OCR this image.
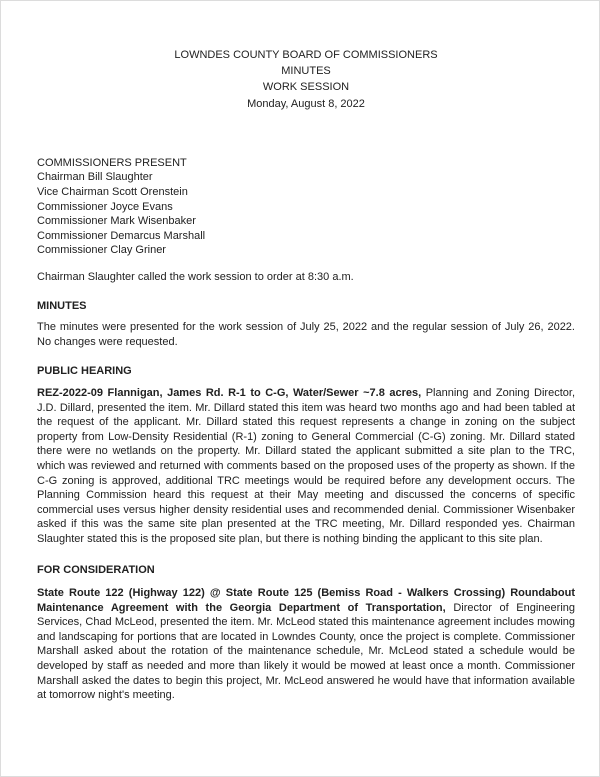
LOWNDES COUNTY BOARD OF COMMISSIONERS
MINUTES
WORK SESSION
Monday, August 8, 2022
COMMISSIONERS PRESENT
Chairman Bill Slaughter
Vice Chairman Scott Orenstein
Commissioner Joyce Evans
Commissioner Mark Wisenbaker
Commissioner Demarcus Marshall
Commissioner Clay Griner
Chairman Slaughter called the work session to order at 8:30 a.m.
MINUTES

The minutes were presented for the work session of July 25, 2022 and the regular session of July 26, 2022. No changes were requested.

PUBLIC HEARING

REZ-2022-09 Flannigan, James Rd. R-1 to C-G, Water/Sewer ~7.8 acres, Planning and Zoning Director, J.D. Dillard, presented the item. Mr. Dillard stated this item was heard two months ago and had been tabled at the request of the applicant. Mr. Dillard stated this request represents a change in zoning on the subject property from Low-Density Residential (R-1) zoning to General Commercial (C-G) zoning. Mr. Dillard stated there were no wetlands on the property. Mr. Dillard stated the applicant submitted a site plan to the TRC, which was reviewed and returned with comments based on the proposed uses of the property as shown. If the C-G zoning is approved, additional TRC meetings would be required before any development occurs. The Planning Commission heard this request at their May meeting and discussed the concerns of specific commercial uses versus higher density residential uses and recommended denial. Commissioner Wisenbaker asked if this was the same site plan presented at the TRC meeting, Mr. Dillard responded yes. Chairman Slaughter stated this is the proposed site plan, but there is nothing binding the applicant to this site plan.

FOR CONSIDERATION

State Route 122 (Highway 122) @ State Route 125 (Bemiss Road - Walkers Crossing) Roundabout Maintenance Agreement with the Georgia Department of Transportation, Director of Engineering Services, Chad McLeod, presented the item. Mr. McLeod stated this maintenance agreement includes mowing and landscaping for portions that are located in Lowndes County, once the project is complete. Commissioner Marshall asked about the rotation of the maintenance schedule, Mr. McLeod stated a schedule would be developed by staff as needed and more than likely it would be mowed at least once a month. Commissioner Marshall asked the dates to begin this project, Mr. McLeod answered he would have that information available at tomorrow night's meeting.
